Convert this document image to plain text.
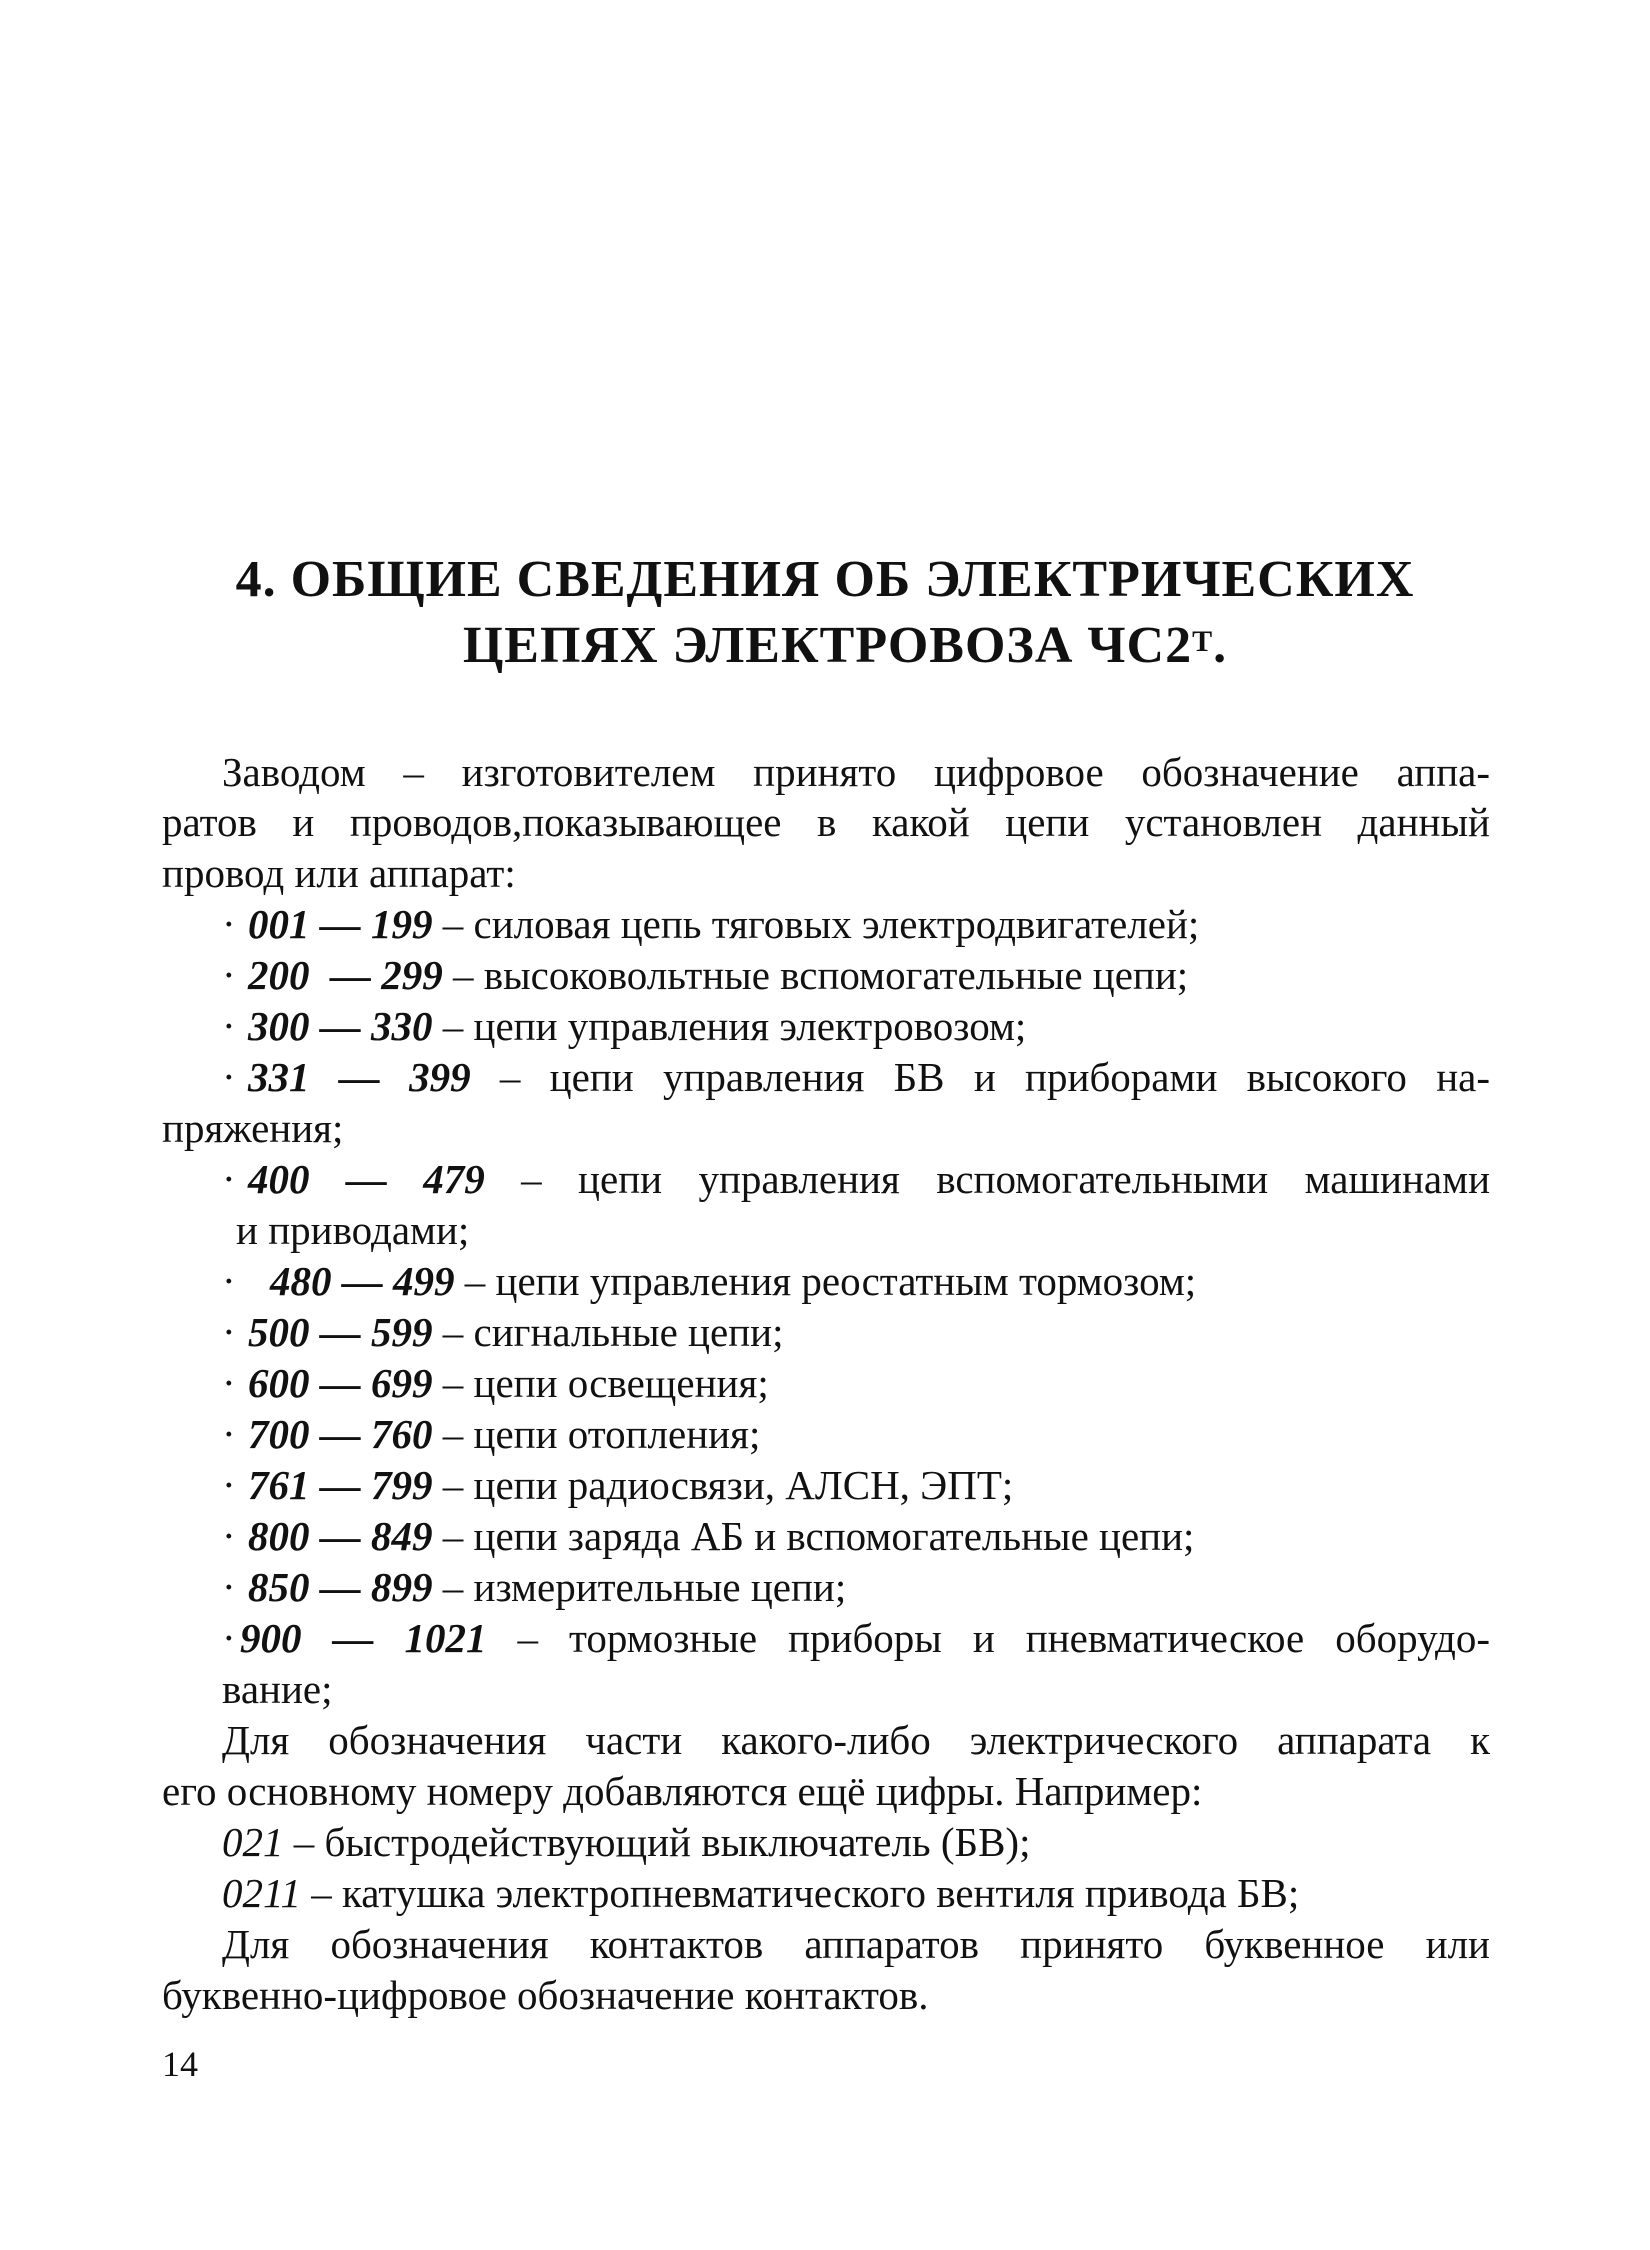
4. ОБЩИЕ СВЕДЕНИЯ ОБ ЭЛЕКТРИЧЕСКИХ
ЦЕПЯХ ЭЛЕКТРОВОЗА $ЧС2^Т$.
Заводом – изготовителем принято цифровое обозначение аппа-
ратов и проводов,показывающее в какой цепи установлен данный
провод или аппарат:
· 001 — 199 – силовая цепь тяговых электродвигателей;
· 200  — 299 – высоковольтные вспомогательные цепи;
· 300 — 330 – цепи управления электровозом;
· 331 — 399 – цепи управления БВ и приборами высокого на-
пряжения;
· 400 — 479 – цепи управления вспомогательными машинами
и приводами;
· 480 — 499 – цепи управления реостатным тормозом;
· 500 — 599 – сигнальные цепи;
· 600 — 699 – цепи освещения;
· 700 — 760 – цепи отопления;
· 761 — 799 – цепи радиосвязи, АЛСН, ЭПТ;
· 800 — 849 – цепи заряда АБ и вспомогательные цепи;
· 850 — 899 – измерительные цепи;
· 900 — 1021 – тормозные приборы и пневматическое оборудо-
вание;
Для обозначения части какого-либо электрического аппарата к
его основному номеру добавляются ещё цифры. Например:
021 – быстродействующий выключатель (БВ);
0211 – катушка электропневматического вентиля привода БВ;
Для обозначения контактов аппаратов принято буквенное или
буквенно-цифровое обозначение контактов.
14
